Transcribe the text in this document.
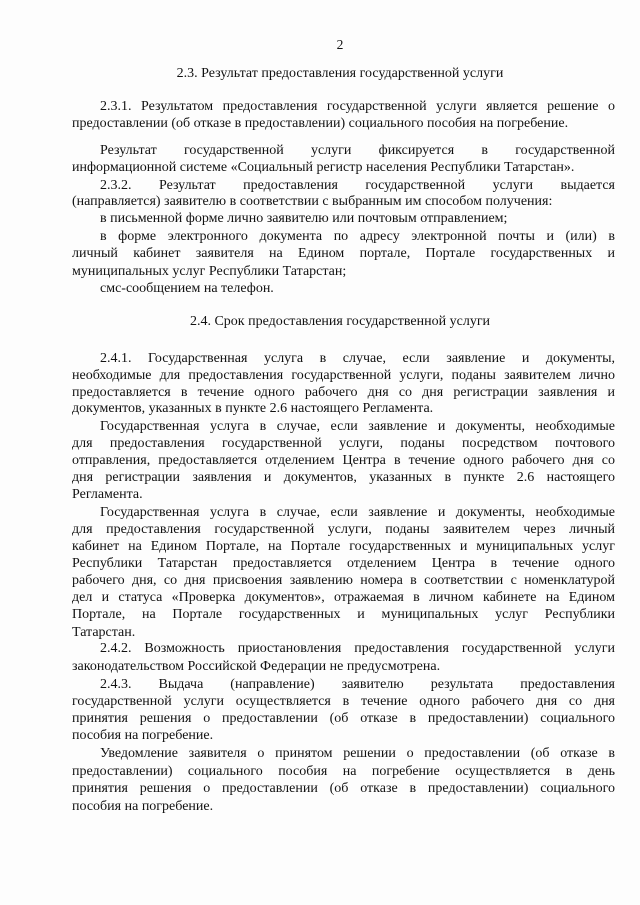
2
2.3. Результат предоставления государственной услуги
2.3.1. Результатом предоставления государственной услуги является решение о
предоставлении (об отказе в предоставлении) социального пособия на погребение.
Результат государственной услуги фиксируется в государственной
информационной системе «Социальный регистр населения Республики Татарстан».
2.3.2. Результат предоставления государственной услуги выдается
(направляется) заявителю в соответствии с выбранным им способом получения:
в письменной форме лично заявителю или почтовым отправлением;
в форме электронного документа по адресу электронной почты и (или) в
личный кабинет заявителя на Едином портале, Портале государственных и
муниципальных услуг Республики Татарстан;
смс-сообщением на телефон.
2.4. Срок предоставления государственной услуги
2.4.1. Государственная услуга в случае, если заявление и документы,
необходимые для предоставления государственной услуги, поданы заявителем лично
предоставляется в течение одного рабочего дня со дня регистрации заявления и
документов, указанных в пункте 2.6 настоящего Регламента.
Государственная услуга в случае, если заявление и документы, необходимые
для предоставления государственной услуги, поданы посредством почтового
отправления, предоставляется отделением Центра в течение одного рабочего дня со
дня регистрации заявления и документов, указанных в пункте 2.6 настоящего
Регламента.
Государственная услуга в случае, если заявление и документы, необходимые
для предоставления государственной услуги, поданы заявителем через личный
кабинет на Едином Портале, на Портале государственных и муниципальных услуг
Республики Татарстан предоставляется отделением Центра в течение одного
рабочего дня, со дня присвоения заявлению номера в соответствии с номенклатурой
дел и статуса «Проверка документов», отражаемая в личном кабинете на Едином
Портале, на Портале государственных и муниципальных услуг Республики
Татарстан.
2.4.2. Возможность приостановления предоставления государственной услуги
законодательством Российской Федерации не предусмотрена.
2.4.3. Выдача (направление) заявителю результата предоставления
государственной услуги осуществляется в течение одного рабочего дня со дня
принятия решения о предоставлении (об отказе в предоставлении) социального
пособия на погребение.
Уведомление заявителя о принятом решении о предоставлении (об отказе в
предоставлении) социального пособия на погребение осуществляется в день
принятия решения о предоставлении (об отказе в предоставлении) социального
пособия на погребение.
